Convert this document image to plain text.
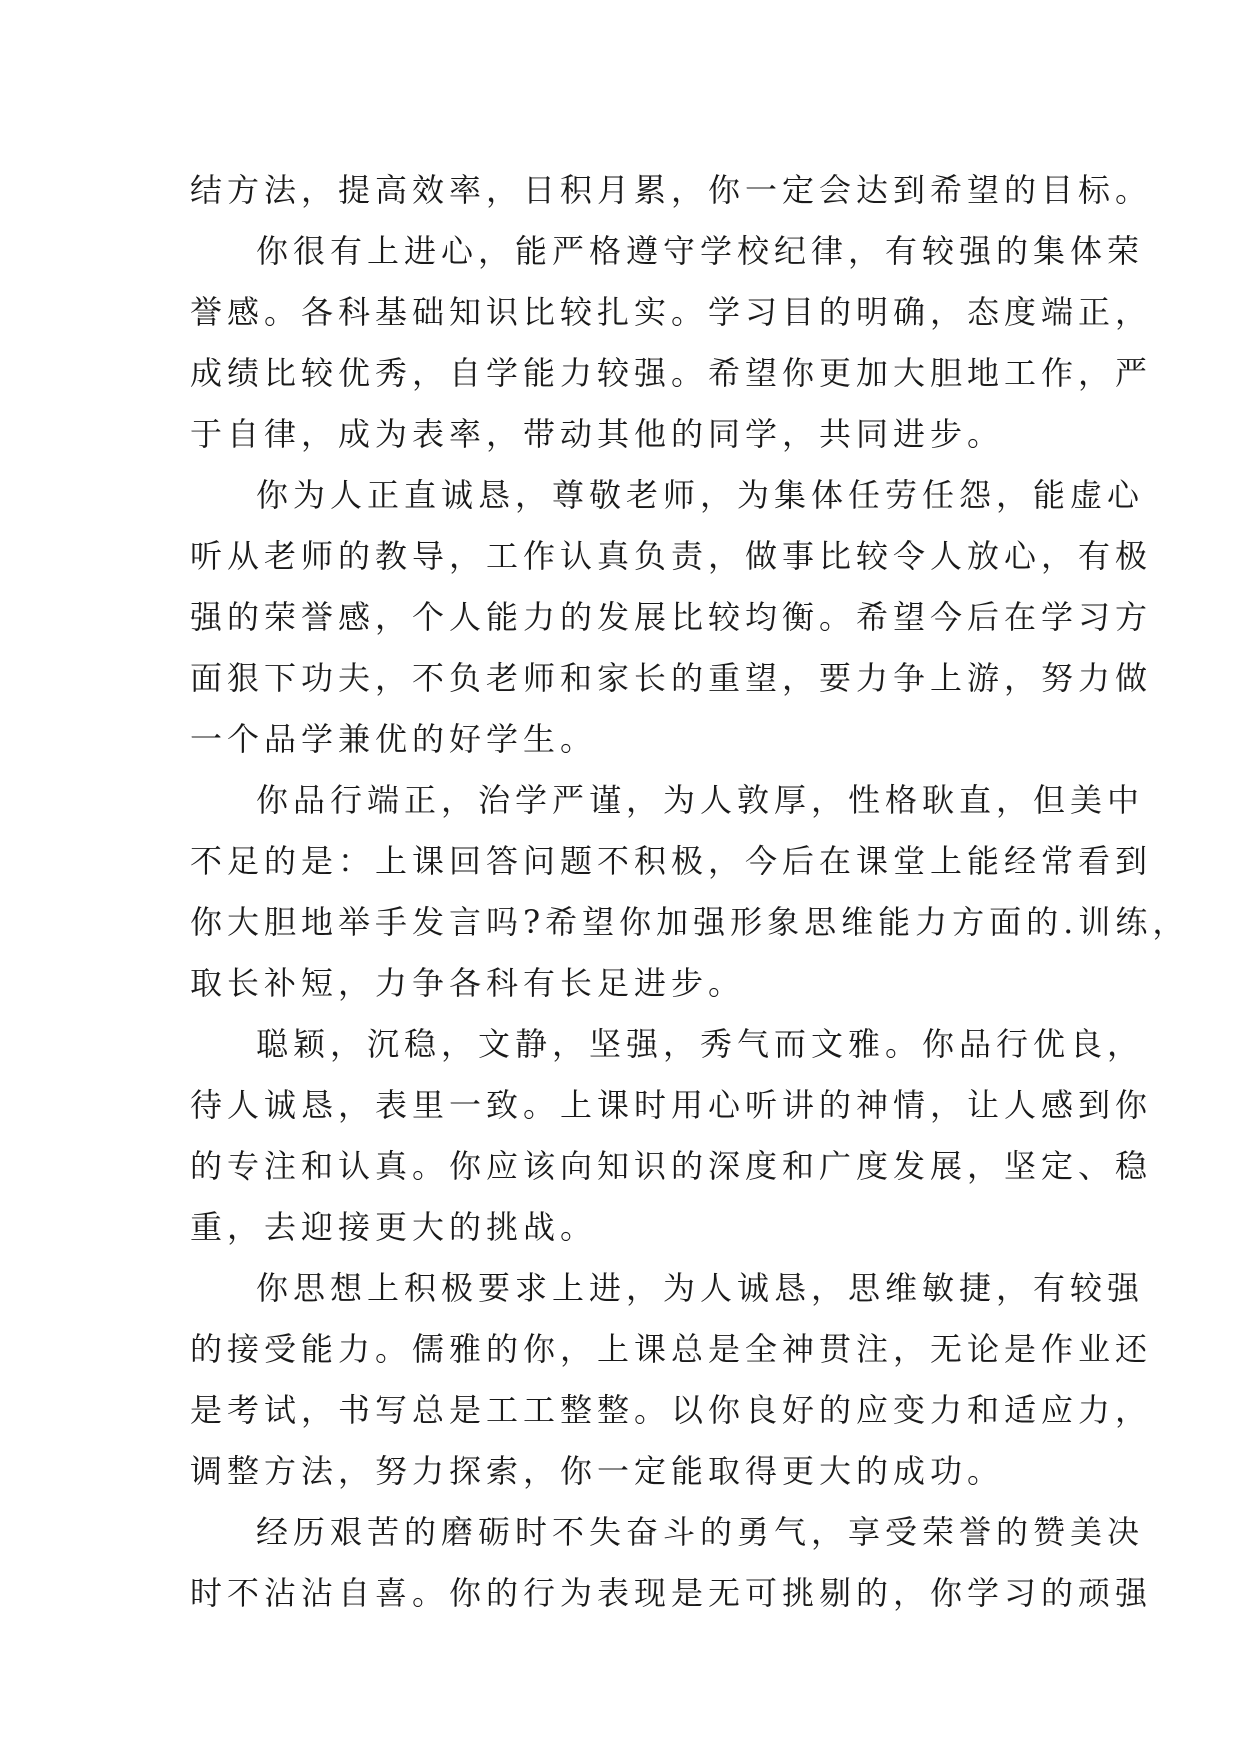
结方法，提高效率，日积月累，你一定会达到希望的目标。
你很有上进心，能严格遵守学校纪律，有较强的集体荣
誉感。各科基础知识比较扎实。学习目的明确，态度端正，
成绩比较优秀，自学能力较强。希望你更加大胆地工作，严
于自律，成为表率，带动其他的同学，共同进步。
你为人正直诚恳，尊敬老师，为集体任劳任怨，能虚心
听从老师的教导，工作认真负责，做事比较令人放心，有极
强的荣誉感，个人能力的发展比较均衡。希望今后在学习方
面狠下功夫，不负老师和家长的重望，要力争上游，努力做
一个品学兼优的好学生。
你品行端正，治学严谨，为人敦厚，性格耿直，但美中
不足的是：上课回答问题不积极，今后在课堂上能经常看到
你大胆地举手发言吗?希望你加强形象思维能力方面的.训练，
取长补短，力争各科有长足进步。
聪颖，沉稳，文静，坚强，秀气而文雅。你品行优良，
待人诚恳，表里一致。上课时用心听讲的神情，让人感到你
的专注和认真。你应该向知识的深度和广度发展，坚定、稳
重，去迎接更大的挑战。
你思想上积极要求上进，为人诚恳，思维敏捷，有较强
的接受能力。儒雅的你，上课总是全神贯注，无论是作业还
是考试，书写总是工工整整。以你良好的应变力和适应力，
调整方法，努力探索，你一定能取得更大的成功。
经历艰苦的磨砺时不失奋斗的勇气，享受荣誉的赞美决
时不沾沾自喜。你的行为表现是无可挑剔的，你学习的顽强
